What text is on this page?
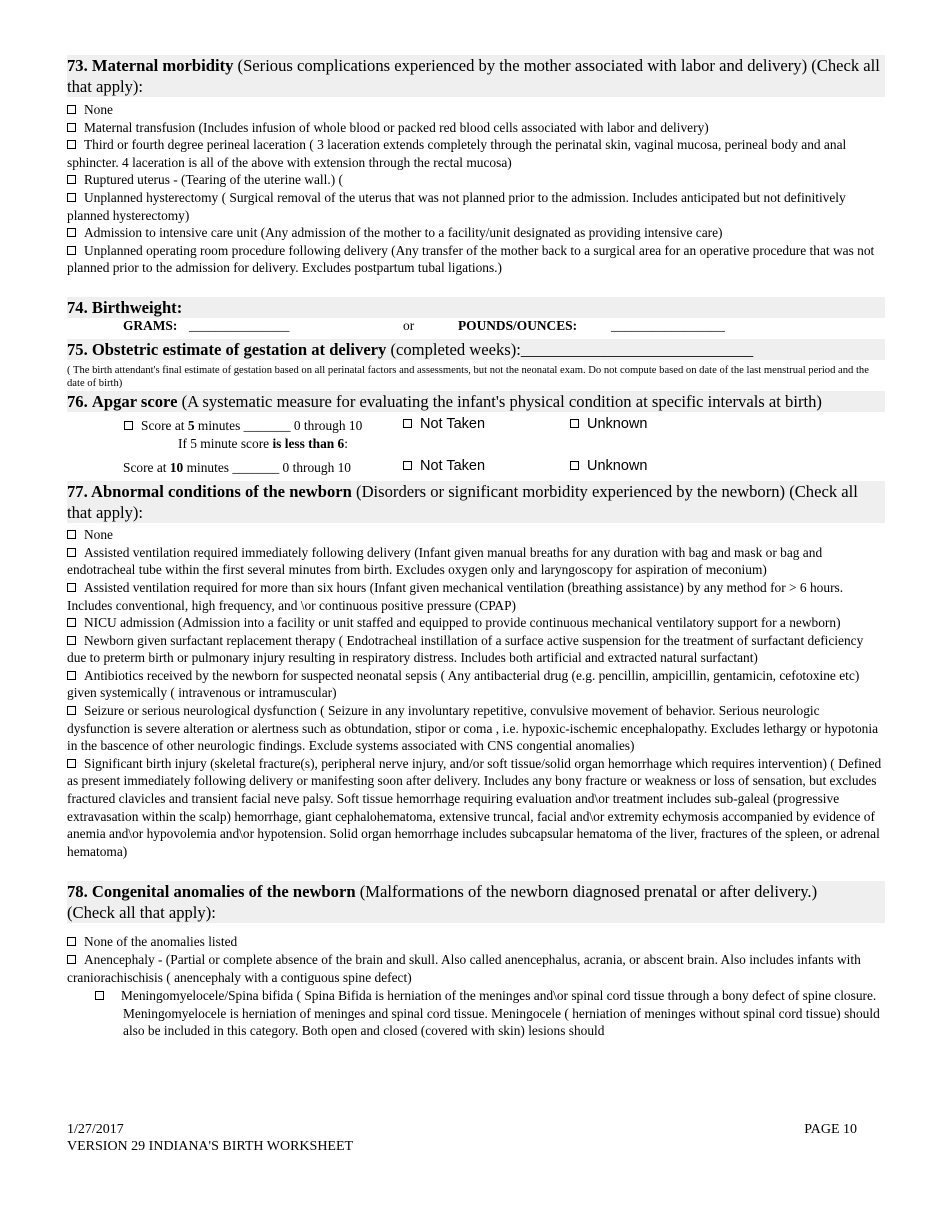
73. Maternal morbidity (Serious complications experienced by the mother associated with labor and delivery) (Check all that apply):
None
Maternal transfusion (Includes infusion of whole blood or packed red blood cells associated with labor and delivery)
Third or fourth degree perineal laceration ( 3 laceration extends completely through the perinatal skin, vaginal mucosa, perineal body and anal sphincter. 4 laceration is all of the above with extension through the rectal mucosa)
Ruptured uterus - (Tearing of the uterine wall.) (
Unplanned hysterectomy ( Surgical removal of the uterus that was not planned prior to the admission. Includes anticipated but not definitively planned hysterectomy)
Admission to intensive care unit (Any admission of the mother to a facility/unit designated as providing intensive care)
Unplanned operating room procedure following delivery (Any transfer of the mother back to a surgical area for an operative procedure that was not planned prior to the admission for delivery. Excludes postpartum tubal ligations.)
74. Birthweight:
GRAMS: _______________	or	POUNDS/OUNCES:	_________________
75. Obstetric estimate of gestation at delivery (completed weeks):____________________________
( The birth attendant's final estimate of gestation based on all perinatal factors and assessments, but not the neonatal exam. Do not compute based on date of the last menstrual period and the date of birth)
76. Apgar score (A systematic measure for evaluating the infant's physical condition at specific intervals at birth)
Score at 5 minutes _______ 0 through 10	Not Taken	Unknown
If 5 minute score is less than 6:
Score at 10 minutes _______ 0 through 10	Not Taken	Unknown
77. Abnormal conditions of the newborn (Disorders or significant morbidity experienced by the newborn) (Check all that apply):
None
Assisted ventilation required immediately following delivery (Infant given manual breaths for any duration with bag and mask or bag and endotracheal tube within the first several minutes from birth. Excludes oxygen only and laryngoscopy for aspiration of meconium)
Assisted ventilation required for more than six hours (Infant given mechanical ventilation (breathing assistance) by any method for > 6 hours. Includes conventional, high frequency, and \or continuous positive pressure (CPAP)
NICU admission (Admission into a facility or unit staffed and equipped to provide continuous mechanical ventilatory support for a newborn)
Newborn given surfactant replacement therapy ( Endotracheal instillation of a surface active suspension for the treatment of surfactant deficiency due to preterm birth or pulmonary injury resulting in respiratory distress. Includes both artificial and extracted natural surfactant)
Antibiotics received by the newborn for suspected neonatal sepsis ( Any antibacterial drug (e.g. pencillin, ampicillin, gentamicin, cefotoxine etc) given systemically ( intravenous or intramuscular)
Seizure or serious neurological dysfunction ( Seizure in any involuntary repetitive, convulsive movement of behavior. Serious neurologic dysfunction is severe alteration or alertness such as obtundation, stipor or coma , i.e. hypoxic-ischemic encephalopathy. Excludes lethargy or hypotonia in the bascence of other neurologic findings. Exclude systems associated with CNS congential anomalies)
Significant birth injury (skeletal fracture(s), peripheral nerve injury, and/or soft tissue/solid organ hemorrhage which requires intervention) ( Defined as present immediately following delivery or manifesting soon after delivery. Includes any bony fracture or weakness or loss of sensation, but excludes fractured clavicles and transient facial neve palsy. Soft tissue hemorrhage requiring evaluation and\or treatment includes sub-galeal (progressive extravasation within the scalp) hemorrhage, giant cephalohematoma, extensive truncal, facial and\or extremity echymosis accompanied by evidence of anemia and\or hypovolemia and\or hypotension. Solid organ hemorrhage includes subcapsular hematoma of the liver, fractures of the spleen, or adrenal hematoma)
78. Congenital anomalies of the newborn (Malformations of the newborn diagnosed prenatal or after delivery.)           (Check all that apply):
None of the anomalies listed
Anencephaly - (Partial or complete absence of the brain and skull. Also called anencephalus, acrania, or abscent brain. Also includes infants with craniorachischisis ( anencephaly with a contiguous spine defect)
Meningomyelocele/Spina bifida ( Spina Bifida is herniation of the meninges and\or spinal cord tissue through a bony defect of spine closure. Meningomyelocele is herniation of meninges and spinal cord tissue. Meningocele ( herniation of meninges without spinal cord tissue) should also be included in this category. Both open and closed (covered with skin) lesions should
1/27/2017	PAGE 10
VERSION 29 INDIANA'S BIRTH WORKSHEET
